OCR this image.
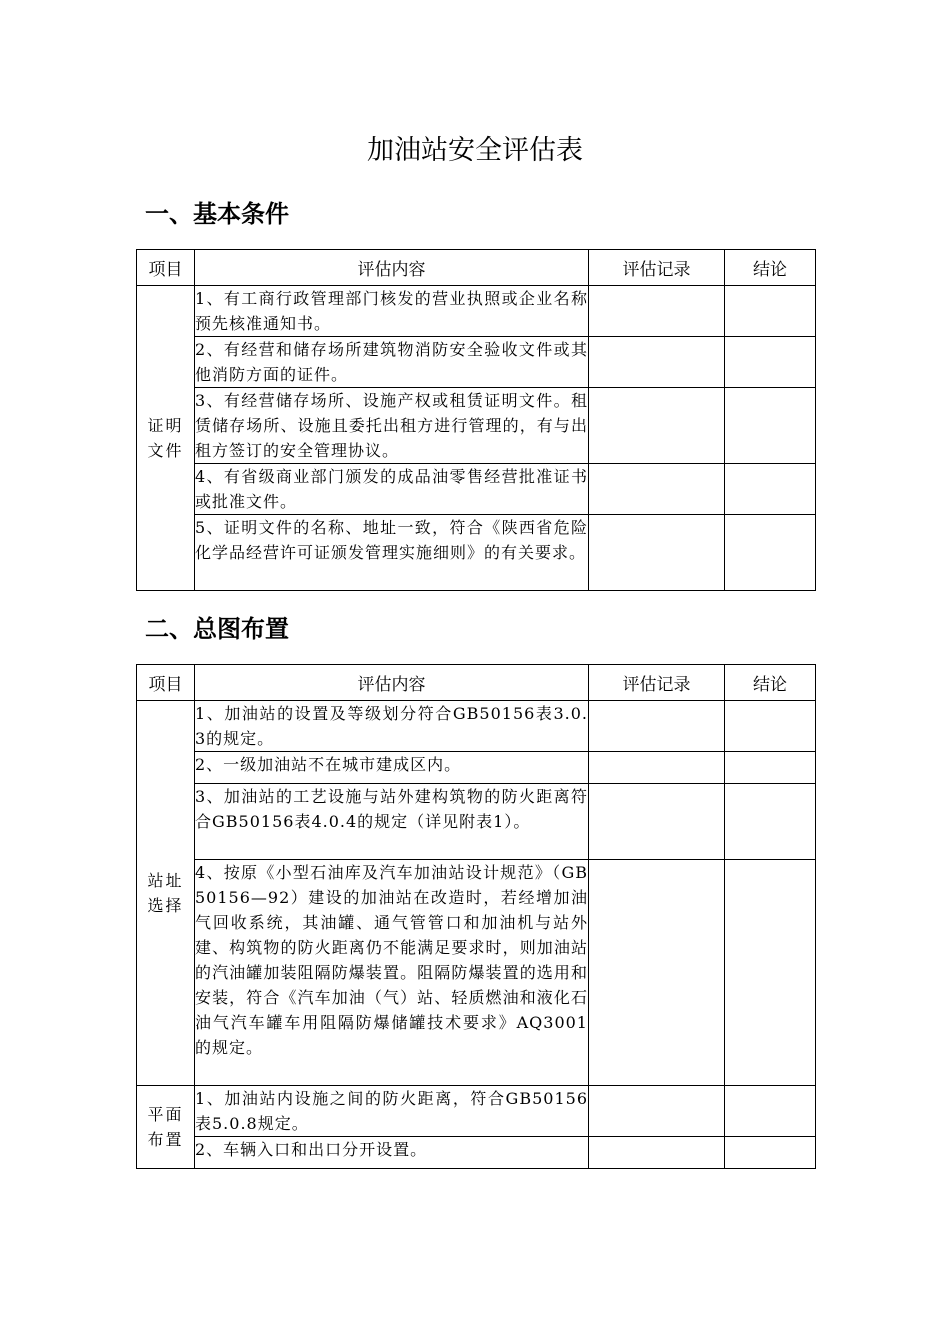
加油站安全评估表
一、基本条件
项目	评估内容	评估记录	结论
证明
文件	1、有工商行政管理部门核发的营业执照或企业名称预先核准通知书。		
	2、有经营和储存场所建筑物消防安全验收文件或其他消防方面的证件。		
	3、有经营储存场所、设施产权或租赁证明文件。租赁储存场所、设施且委托出租方进行管理的，有与出租方签订的安全管理协议。		
	4、有省级商业部门颁发的成品油零售经营批准证书或批准文件。		
	5、证明文件的名称、地址一致，符合《陕西省危险化学品经营许可证颁发管理实施细则》的有关要求。		
二、总图布置
项目	评估内容	评估记录	结论
站址
选择	1、加油站的设置及等级划分符合GB50156表3.0.3的规定。		
	2、一级加油站不在城市建成区内。		
	3、加油站的工艺设施与站外建构筑物的防火距离符合GB50156表4.0.4的规定（详见附表1）。		
	4、按原《小型石油库及汽车加油站设计规范》（GB50156—92）建设的加油站在改造时，若经增加油气回收系统，其油罐、通气管管口和加油机与站外建、构筑物的防火距离仍不能满足要求时，则加油站的汽油罐加装阻隔防爆装置。阻隔防爆装置的选用和安装，符合《汽车加油（气）站、轻质燃油和液化石油气汽车罐车用阻隔防爆储罐技术要求》AQ3001的规定。		
平面
布置	1、加油站内设施之间的防火距离，符合GB50156表5.0.8规定。		
	2、车辆入口和出口分开设置。		
